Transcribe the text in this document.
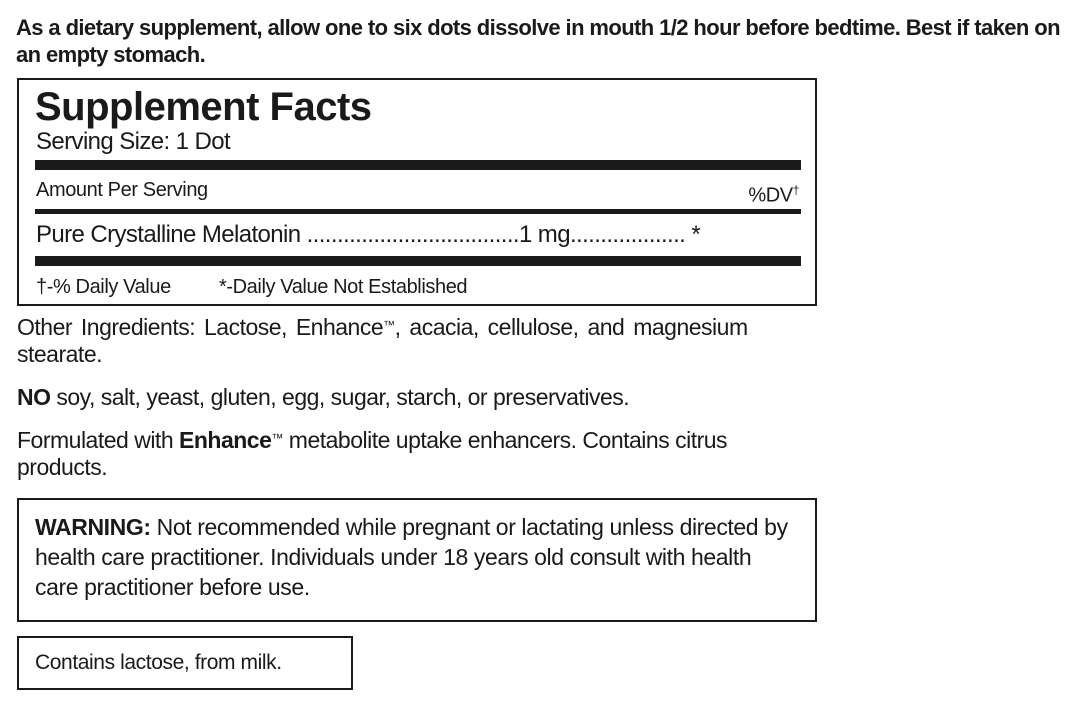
As a dietary supplement, allow one to six dots dissolve in mouth 1/2 hour before bedtime. Best if taken on an empty stomach.
Supplement Facts
Serving Size: 1 Dot
Amount Per Serving	%DV†
Pure Crystalline Melatonin ...................................1 mg................... *
†-% Daily Value *-Daily Value Not Established
Other Ingredients: Lactose, Enhance™, acacia, cellulose, and magnesium stearate.
NO soy, salt, yeast, gluten, egg, sugar, starch, or preservatives.
Formulated with Enhance™ metabolite uptake enhancers. Contains citrus products.
WARNING: Not recommended while pregnant or lactating unless directed by health care practitioner. Individuals under 18 years old consult with health care practitioner before use.
Contains lactose, from milk.
